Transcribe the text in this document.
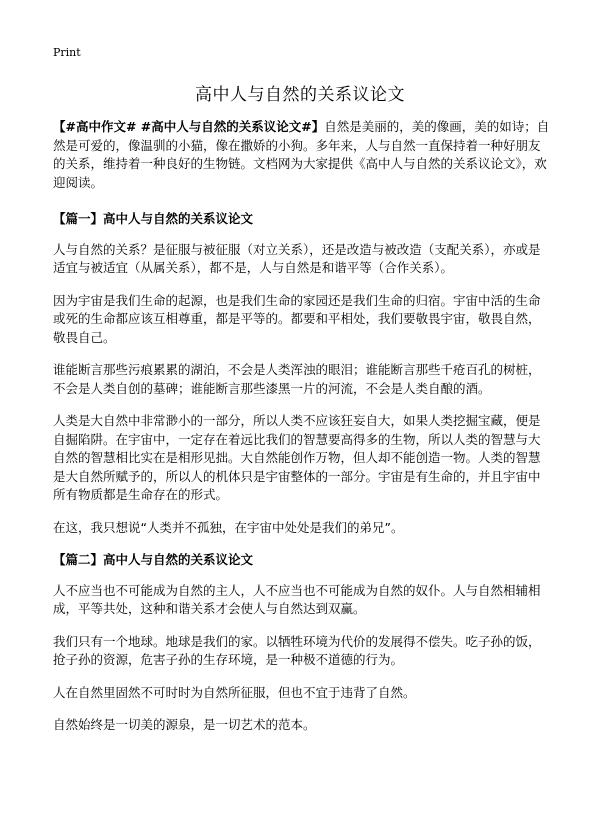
Print
高中人与自然的关系议论文

【#高中作文# #高中人与自然的关系议论文#】自然是美丽的，美的像画，美的如诗；自然是可爱的，像温驯的小猫，像在撒娇的小狗。多年来，人与自然一直保持着一种好朋友的关系，维持着一种良好的生物链。文档网为大家提供《高中人与自然的关系议论文》，欢迎阅读。

【篇一】高中人与自然的关系议论文

人与自然的关系？是征服与被征服（对立关系），还是改造与被改造（支配关系），亦或是适宜与被适宜（从属关系），都不是，人与自然是和谐平等（合作关系）。

因为宇宙是我们生命的起源，也是我们生命的家园还是我们生命的归宿。宇宙中活的生命或死的生命都应该互相尊重，都是平等的。都要和平相处，我们要敬畏宇宙，敬畏自然，敬畏自己。

谁能断言那些污痕累累的湖泊，不会是人类浑浊的眼泪；谁能断言那些千疮百孔的树桩，不会是人类自创的墓碑；谁能断言那些漆黑一片的河流，不会是人类自酿的酒。

人类是大自然中非常渺小的一部分，所以人类不应该狂妄自大，如果人类挖掘宝藏，便是自掘陷阱。在宇宙中，一定存在着远比我们的智慧要高得多的生物，所以人类的智慧与大自然的智慧相比实在是相形见拙。大自然能创作万物，但人却不能创造一物。人类的智慧是大自然所赋予的，所以人的机体只是宇宙整体的一部分。宇宙是有生命的，并且宇宙中所有物质都是生命存在的形式。

在这，我只想说“人类并不孤独，在宇宙中处处是我们的弟兄”。

【篇二】高中人与自然的关系议论文

人不应当也不可能成为自然的主人，人不应当也不可能成为自然的奴仆。人与自然相辅相成，平等共处，这种和谐关系才会使人与自然达到双赢。

我们只有一个地球。地球是我们的家。以牺牲环境为代价的发展得不偿失。吃子孙的饭，抢子孙的资源，危害子孙的生存环境，是一种极不道德的行为。

人在自然里固然不可时时为自然所征服，但也不宜于违背了自然。

自然始终是一切美的源泉，是一切艺术的范本。
